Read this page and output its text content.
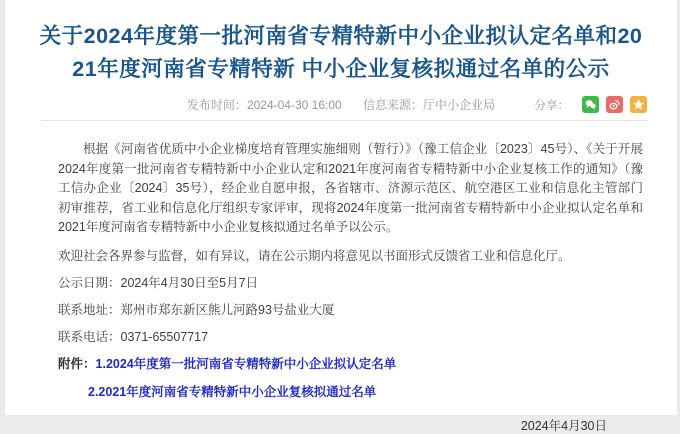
关于2024年度第一批河南省专精特新中小企业拟认定名单和20
21年度河南省专精特新 中小企业复核拟通过名单的公示
发布时间：2024-04-30 16:00 信息来源：厅中小企业局	分享：

根据《河南省优质中小企业梯度培育管理实施细则（暂行）》（豫工信企业〔2023〕45号）、《关于开展2024年度第一批河南省专精特新中小企业认定和2021年度河南省专精特新中小企业复核工作的通知》（豫工信办企业〔2024〕35号），经企业自愿申报，各省辖市、济源示范区、航空港区工业和信息化主管部门初审推荐，省工业和信息化厅组织专家评审，现将2024年度第一批河南省专精特新中小企业拟认定名单和2021年度河南省专精特新中小企业复核拟通过名单予以公示。

欢迎社会各界参与监督，如有异议，请在公示期内将意见以书面形式反馈省工业和信息化厅。

公示日期：2024年4月30日至5月7日

联系地址：郑州市郑东新区熊儿河路93号盐业大厦

联系电话：0371-65507717

附件：1.2024年度第一批河南省专精特新中小企业拟认定名单

2.2021年度河南省专精特新中小企业复核拟通过名单

2024年4月30日
